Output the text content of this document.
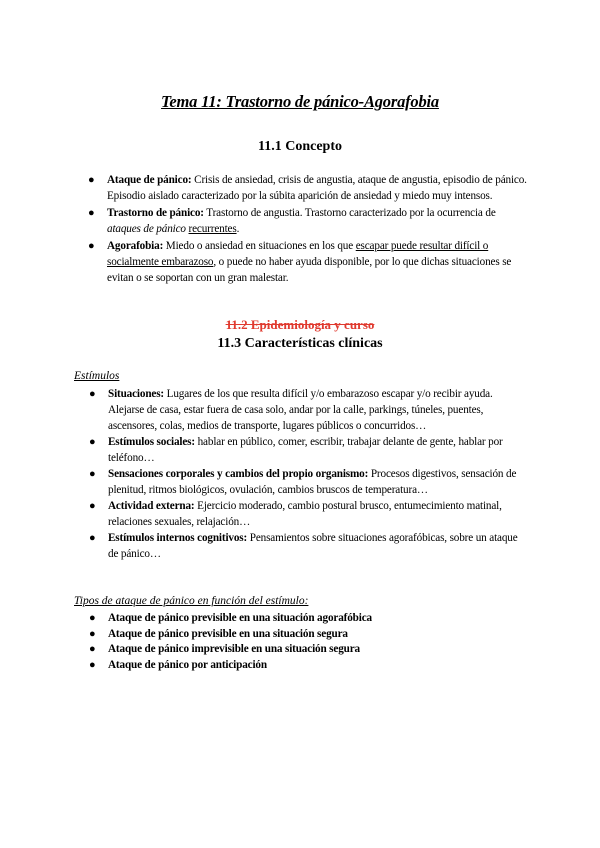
Tema 11: Trastorno de pánico-Agorafobia
11.1 Concepto
● Ataque de pánico: Crisis de ansiedad, crisis de angustia, ataque de angustia, episodio de pánico. Episodio aislado caracterizado por la súbita aparición de ansiedad y miedo muy intensos.
● Trastorno de pánico: Trastorno de angustia. Trastorno caracterizado por la ocurrencia de ataques de pánico recurrentes.
● Agorafobia: Miedo o ansiedad en situaciones en los que escapar puede resultar difícil o socialmente embarazoso, o puede no haber ayuda disponible, por lo que dichas situaciones se evitan o se soportan con un gran malestar.
11.2 Epidemiología y curso
11.3 Características clínicas
Estímulos
● Situaciones: Lugares de los que resulta difícil y/o embarazoso escapar y/o recibir ayuda. Alejarse de casa, estar fuera de casa solo, andar por la calle, parkings, túneles, puentes, ascensores, colas, medios de transporte, lugares públicos o concurridos…
● Estímulos sociales: hablar en público, comer, escribir, trabajar delante de gente, hablar por teléfono…
● Sensaciones corporales y cambios del propio organismo: Procesos digestivos, sensación de plenitud, ritmos biológicos, ovulación, cambios bruscos de temperatura…
● Actividad externa: Ejercicio moderado, cambio postural brusco, entumecimiento matinal, relaciones sexuales, relajación…
● Estímulos internos cognitivos: Pensamientos sobre situaciones agorafóbicas, sobre un ataque de pánico…
Tipos de ataque de pánico en función del estímulo:
● Ataque de pánico previsible en una situación agorafóbica
● Ataque de pánico previsible en una situación segura
● Ataque de pánico imprevisible en una situación segura
● Ataque de pánico por anticipación
